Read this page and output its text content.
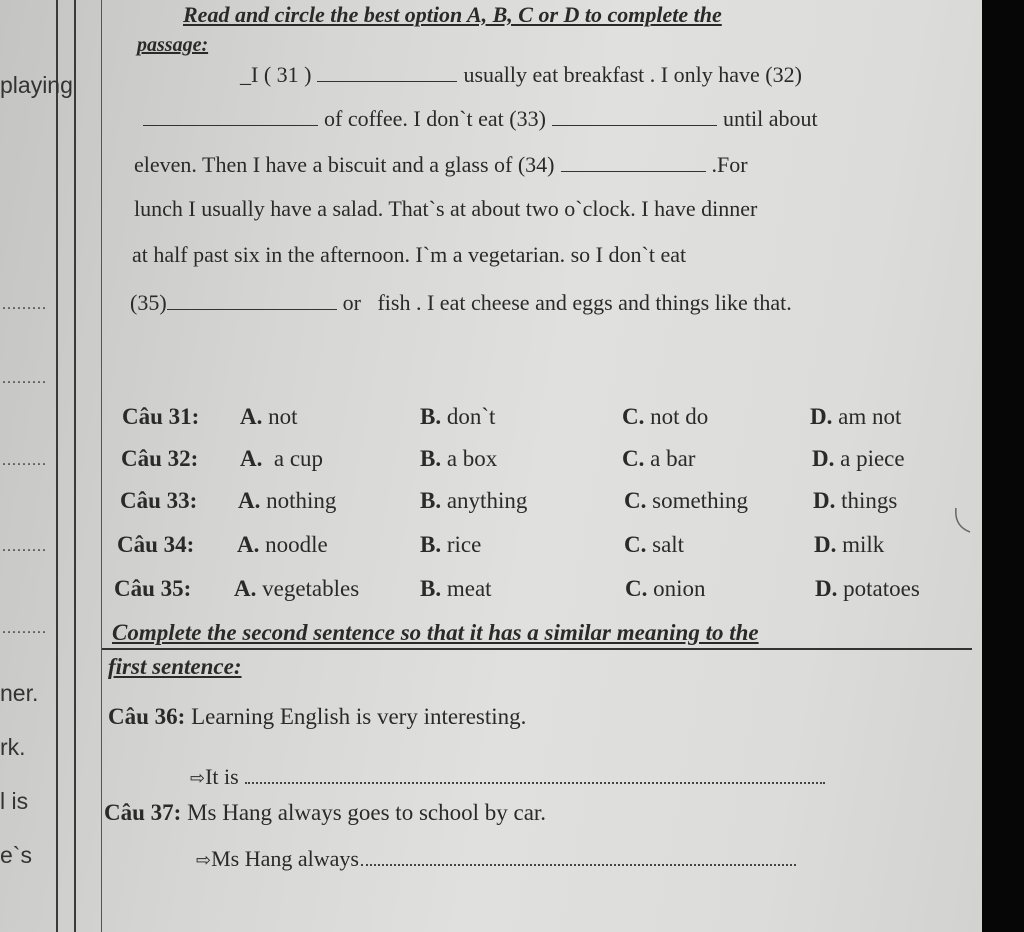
playing
.........
.........
.........
.........
.........
ner.
rk.
l is
e`s
Read and circle the best option A, B, C or D to complete the
passage:
_I ( 31 )	usually eat breakfast . I only have (32)
of coffee. I don`t eat (33)	until about
eleven. Then I have a biscuit and a glass of (34)	.For
lunch I usually have a salad. That`s at about two o`clock. I have dinner
at half past six in the afternoon. I`m a vegetarian. so I don`t eat
(35)	or fish . I eat cheese and eggs and things like that.
Câu 31: A. not	B. don`t	C. not do	D. am not
Câu 32: A. a cup	B. a box	C. a bar	D. a piece
Câu 33: A. nothing	B. anything	C. something	D. things
Câu 34: A. noodle	B. rice	C. salt	D. milk
Câu 35: A. vegetables	B. meat	C. onion	D. potatoes
Complete the second sentence so that it has a similar meaning to the
first sentence:
Câu 36: Learning English is very interesting.
⇨It is
Câu 37: Ms Hang always goes to school by car.
⇨Ms Hang always
